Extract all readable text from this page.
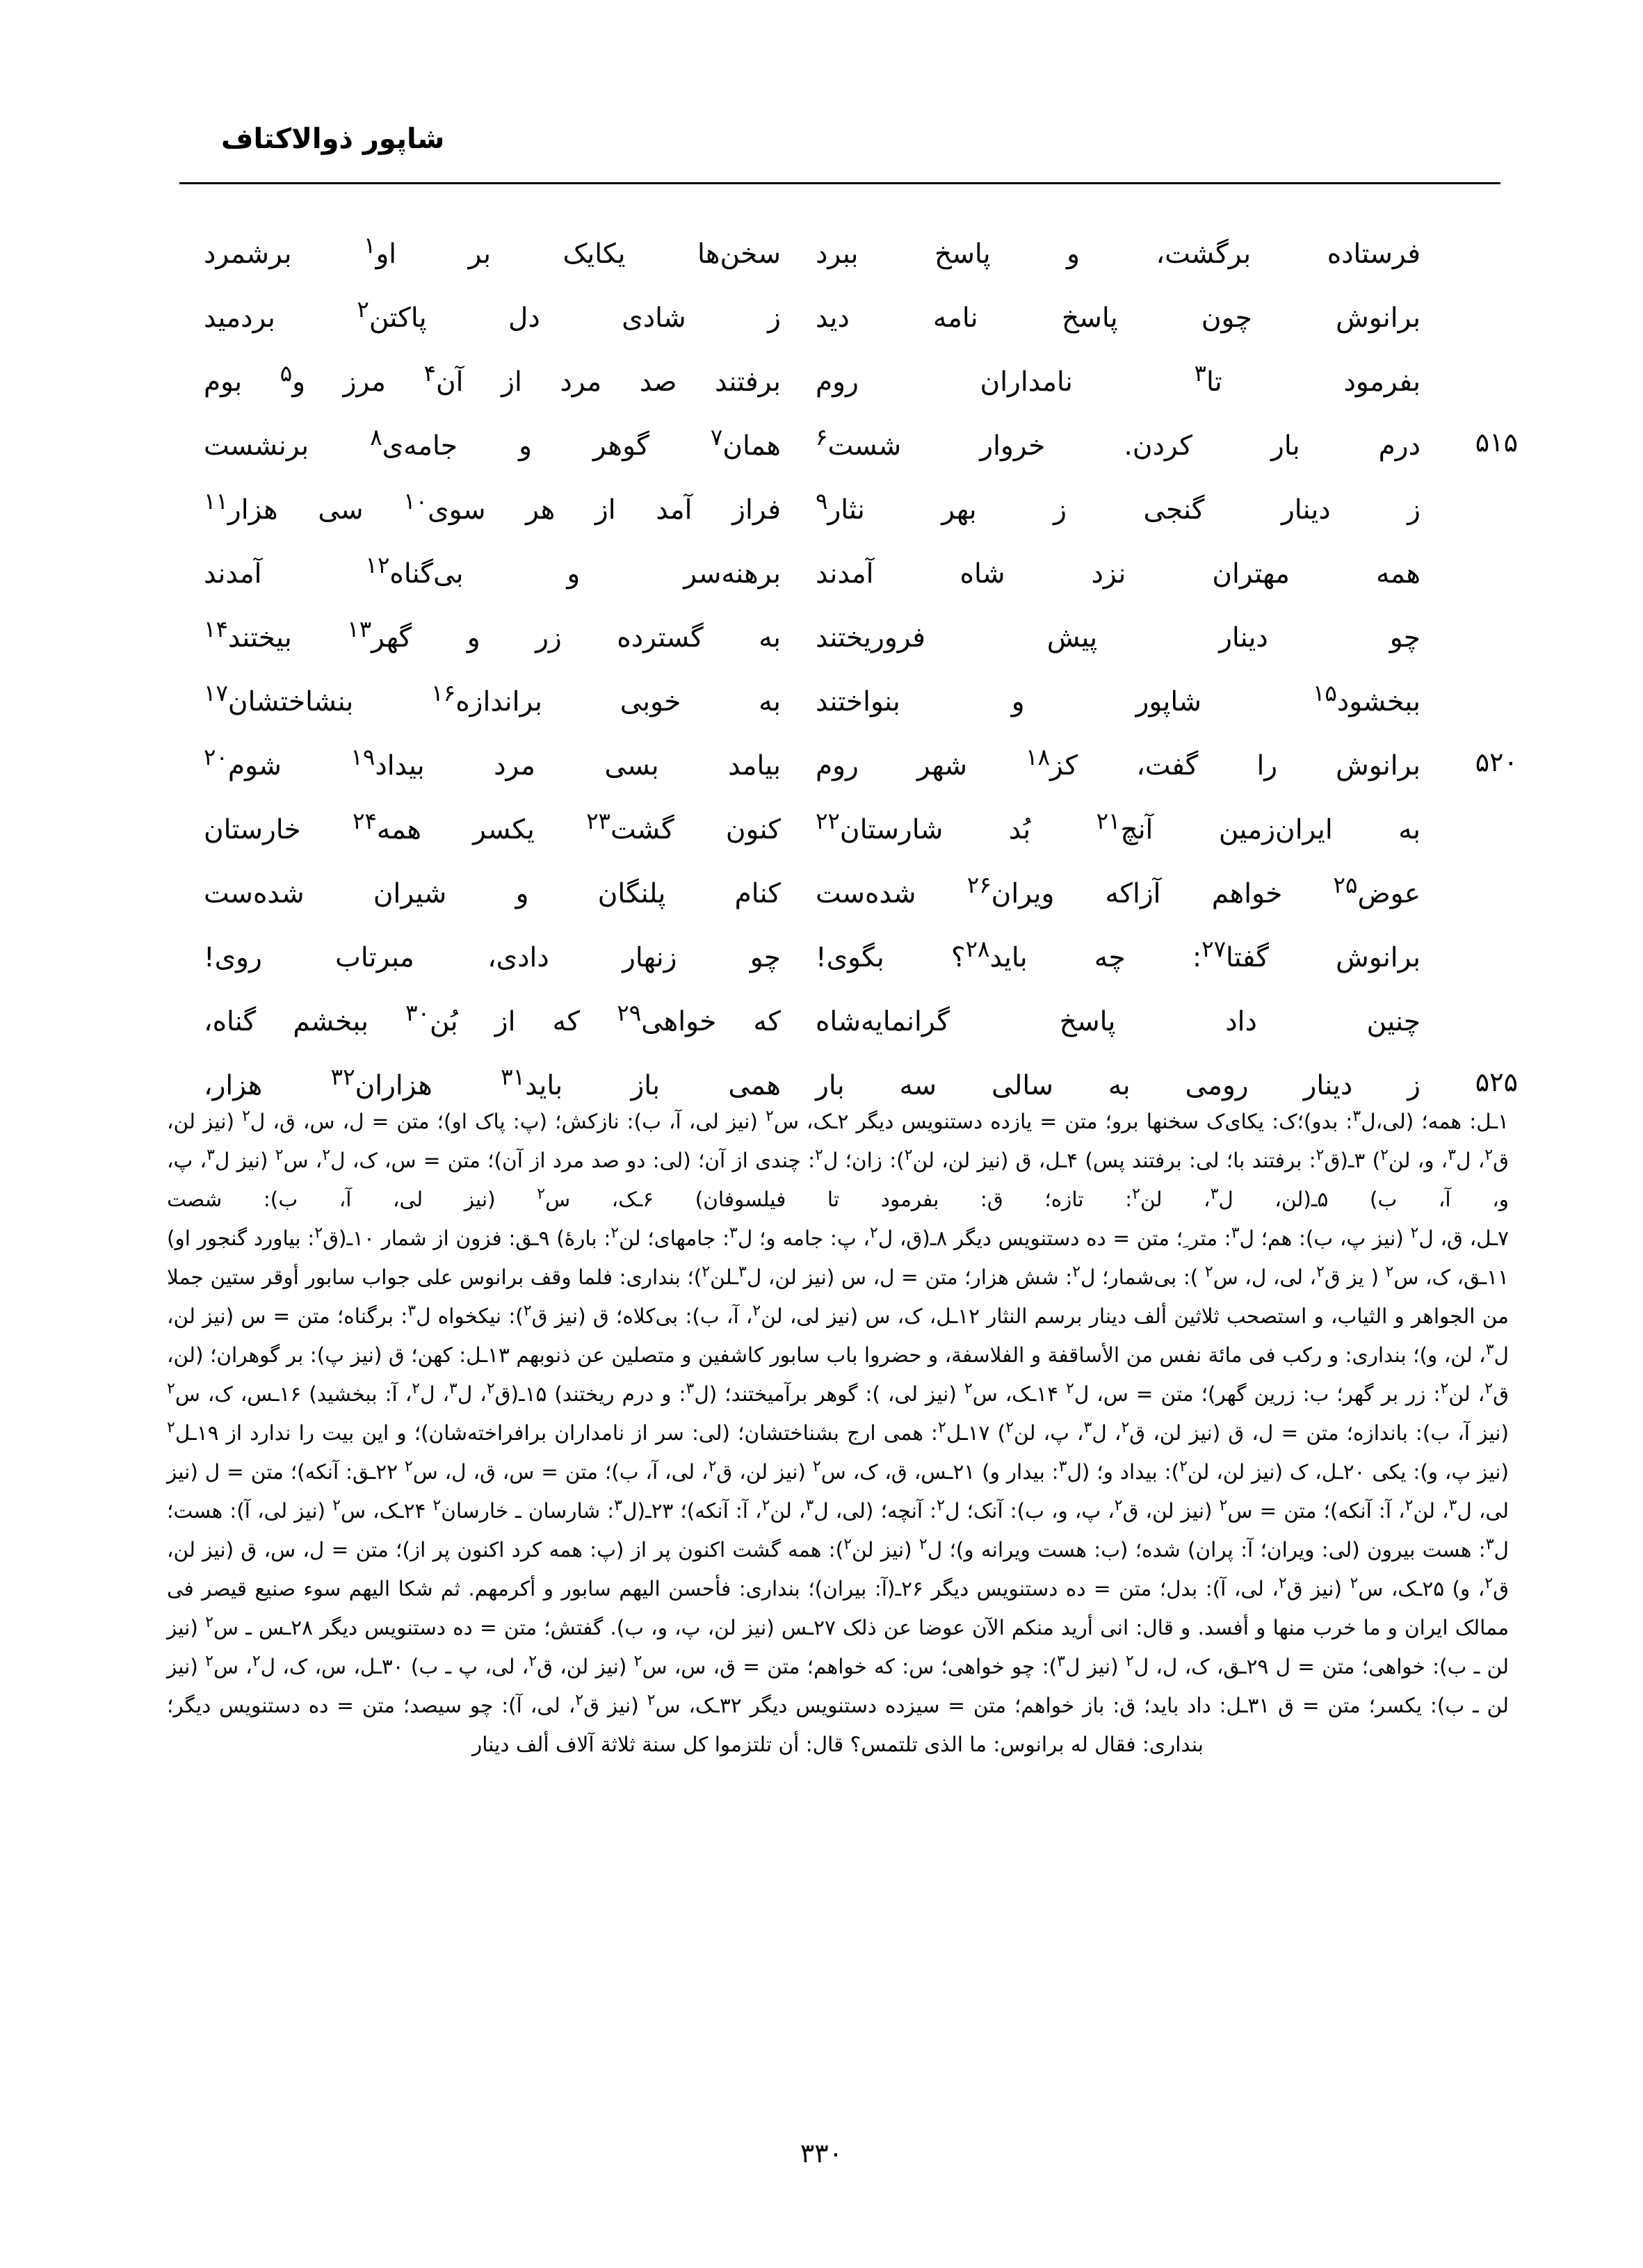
شاپور ذوالاکتاف
فرستاده برگشت، و پاسخ ببرد
سخن‌ها یکایک بر او$^۱$ برشمرد
برانوش چون پاسخ نامه دید
ز شادی دل پاکتن$^۲$ بردمید
بفرمود تا$^۳$ نامداران روم
برفتند صد مرد از آن$^۴$ مرز و$^۵$ بوم
۵۱۵
درم بار کردن. خروار شست$^۶$
همان$^۷$ گوهر و جامه‌ی$^۸$ برنشست
ز دینار گنجی ز بهر نثار$^۹$
فراز آمد از هر سوی$^{۱۰}$ سی هزار$^{۱۱}$
همه مهتران نزد شاه آمدند
برهنه‌سر و بی‌گناه$^{۱۲}$ آمدند
چو دینار پیش فروریختند
به گسترده زر و گهر$^{۱۳}$ بیختند$^{۱۴}$
ببخشود$^{۱۵}$ شاپور و بنواختند
به خوبی براندازه$^{۱۶}$ بنشاختشان$^{۱۷}$
۵۲۰
برانوش را گفت، کز$^{۱۸}$ شهر روم
بیامد بسی مرد بیداد$^{۱۹}$ شوم$^{۲۰}$
به ایران‌زمین آنچ$^{۲۱}$ بُد شارستان$^{۲۲}$
کنون گشت$^{۲۳}$ یکسر همه$^{۲۴}$ خارستان
عوض$^{۲۵}$ خواهم آزاکه ویران$^{۲۶}$ شده‌ست
کنام پلنگان و شیران شده‌ست
برانوش گفتا$^{۲۷}$: چه باید$^{۲۸}$؟ بگوی!
چو زنهار دادی، مبرتاب روی!
چنین داد پاسخ گرانمایه‌شاه
که خواهی$^{۲۹}$ که از بُن$^{۳۰}$ ببخشم گناه،
۵۲۵
ز دینار رومی به سالی سه بار
همی باز باید$^{۳۱}$ هزاران$^{۳۲}$ هزار،

۱ـل: همه؛ (لی،ل$^۳$: بدو)؛ک: یکای‌ک سخنها برو؛ متن = یازده دستنویس دیگر ۲ـک، س$^۲$ (نیز لی، آ، ب): نازکش؛ (پ: پاک او)؛ متن = ل، س، ق، ل$^۲$ (نیز لن، ق$^۲$، ل$^۳$، و، لن$^۲$) ۳ـ(ق$^۲$: برفتند با؛ لی: برفتند پس) ۴ـل، ق (نیز لن، لن$^۲$): زان؛ ل$^۲$: چندی از آن؛ (لی: دو صد مرد از آن)؛ متن = س، ک، ل$^۲$، س$^۲$ (نیز ل$^۳$، پ، و، آ، ب) ۵ـ(لن، ل$^۳$، لن$^۲$: تازه؛ ق: بفرمود تا فیلسوفان) ۶ـک، س$^۲$ (نیز لی، آ، ب): شصت

۷ـل، ق، ل$^۲$ (نیز پ، ب): هم؛ ل$^۳$: متر ِ؛ متن = ده دستنویس دیگر ۸ـ(ق، ل$^۲$، پ: جامه و؛ ل$^۳$: جامهای؛ لن$^۲$: بارۀ) ۹ـق: فزون از شمار ۱۰ـ(ق$^۲$: بیاورد گنجور او) ۱۱ـق، ک، س$^۲$ ( یز ق$^۲$، لی، ل، س$^۲$ ): بی‌شمار؛ ل$^۲$: شش هزار؛ متن = ل، س (نیز لن، ل$^۳$ـلن$^۲$)؛ بنداری: فلما وقف برانوس علی جواب سابور أوقر ستین جملا من الجواهر و الثیاب، و استصحب ثلاثین ألف دینار برسم النثار ۱۲ـل، ک، س (نیز لی، لن$^۲$، آ، ب): بی‌کلاه؛ ق (نیز ق$^۲$): نیکخواه ل$^۳$: برگناه؛ متن = س (نیز لن، ل$^۳$، لن، و)؛ بنداری: و رکب فی مائة نفس من الأساقفة و الفلاسفة، و حضروا باب سابور کاشفین و متصلین عن ذنوبهم ۱۳ـل: کهن؛ ق (نیز پ): بر گوهران؛ (لن، ق$^۲$، لن$^۲$: زر بر گهر؛ ب: زرین گهر)؛ متن = س، ل$^۲$ ۱۴ـک، س$^۲$ (نیز لی، ): گوهر برآمیختند؛ (ل$^۳$: و درم ریختند) ۱۵ـ(ق$^۲$، ل$^۳$، ل$^۲$، آ: ببخشید) ۱۶ـس، ک، س$^۲$ (نیز آ، ب): باندازه؛ متن = ل، ق (نیز لن، ق$^۲$، ل$^۳$، پ، لن$^۲$) ۱۷ـل$^۲$: همی ارج بشناختشان؛ (لی: سر از نامداران برافراخته‌شان)؛ و این بیت را ندارد از ۱۹ـل$^۲$ (نیز پ، و): یکی ۲۰ـل، ک (نیز لن، لن$^۲$): بیداد و؛ (ل$^۳$: بیدار و) ۲۱ـس، ق، ک، س$^۲$ (نیز لن، ق$^۲$، لی، آ، ب)؛ متن = س، ق، ل، س$^۲$ ۲۲ـق: آنکه)؛ متن = ل (نیز لی، ل$^۳$، لن$^۲$، آ: آنکه)؛ متن = س$^۲$ (نیز لن، ق$^۲$، پ، و، ب): آنک؛ ل$^۲$: آنچه؛ (لی، ل$^۳$، لن$^۲$، آ: آنکه)؛ ۲۳ـ(ل$^۳$: شارسان ـ خارسان$^۲$ ۲۴ـک، س$^۲$ (نیز لی، آ): هست؛ ل$^۳$: هست بیرون (لی: ویران؛ آ: پران) شده؛ (ب: هست ویرانه و)؛ ل$^۲$ (نیز لن$^۲$): همه گشت اکنون پر از (پ: همه کرد اکنون پر از)؛ متن = ل، س، ق (نیز لن، ق$^۲$، و) ۲۵ـک، س$^۲$ (نیز ق$^۲$، لی، آ): بدل؛ متن = ده دستنویس دیگر ۲۶ـ(آ: بیران)؛ بنداری: فأحسن الیهم سابور و أکرمهم. ثم شکا الیهم سوء صنیع قیصر فی ممالک ایران و ما خرب منها و أفسد. و قال: انی أرید منکم الآن عوضا عن ذلک ۲۷ـس (نیز لن، پ، و، ب). گفتش؛ متن = ده دستنویس دیگر ۲۸ـس ـ س$^۲$ (نیز لن ـ ب): خواهی؛ متن = ل ۲۹ـق، ک، ل، ل$^۲$ (نیز ل$^۳$): چو خواهی؛ س: که خواهم؛ متن = ق، س، س$^۲$ (نیز لن، ق$^۲$، لی، پ ـ ب) ۳۰ـل، س، ک، ل$^۲$، س$^۲$ (نیز لن ـ ب): یکسر؛ متن = ق ۳۱ـل: داد باید؛ ق: باز خواهم؛ متن = سیزده دستنویس دیگر ۳۲ـک، س$^۲$ (نیز ق$^۲$، لی، آ): چو سیصد؛ متن = ده دستنویس دیگر؛ بنداری: فقال له برانوس: ما الذی تلتمس؟ قال: أن تلتزموا کل سنة ثلاثة آلاف ألف دینار

۳۳۰
